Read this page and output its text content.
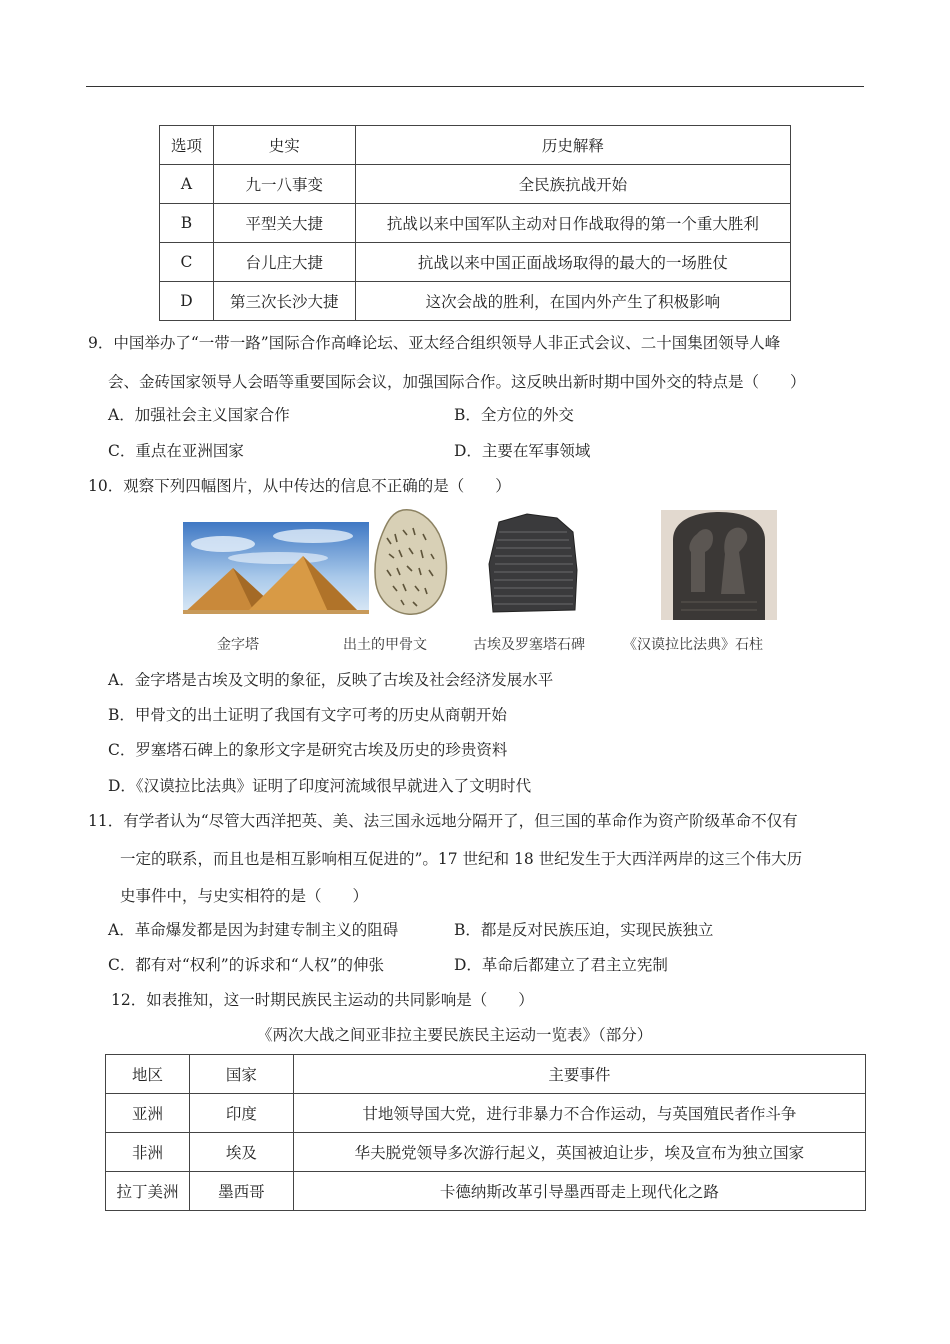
选项	史实	历史解释
A	九一八事变	全民族抗战开始
B	平型关大捷	抗战以来中国军队主动对日作战取得的第一个重大胜利
C	台儿庄大捷	抗战以来中国正面战场取得的最大的一场胜仗
D	第三次长沙大捷	这次会战的胜利，在国内外产生了积极影响
9．中国举办了“一带一路”国际合作高峰论坛、亚太经合组织领导人非正式会议、二十国集团领导人峰
会、金砖国家领导人会晤等重要国际会议，加强国际合作。这反映出新时期中国外交的特点是（　　）
A．加强社会主义国家合作	B．全方位的外交
C．重点在亚洲国家	D．主要在军事领域
10．观察下列四幅图片，从中传达的信息不正确的是（　　）
金字塔	出土的甲骨文	古埃及罗塞塔石碑	《汉谟拉比法典》石柱
A．金字塔是古埃及文明的象征，反映了古埃及社会经济发展水平
B．甲骨文的出土证明了我国有文字可考的历史从商朝开始
C．罗塞塔石碑上的象形文字是研究古埃及历史的珍贵资料
D．《汉谟拉比法典》证明了印度河流域很早就进入了文明时代
11．有学者认为“尽管大西洋把英、美、法三国永远地分隔开了，但三国的革命作为资产阶级革命不仅有
一定的联系，而且也是相互影响相互促进的”。17 世纪和 18 世纪发生于大西洋两岸的这三个伟大历
史事件中，与史实相符的是（　　）
A．革命爆发都是因为封建专制主义的阻碍	B．都是反对民族压迫，实现民族独立
C．都有对“权利”的诉求和“人权”的伸张	D．革命后都建立了君主立宪制
12．如表推知，这一时期民族民主运动的共同影响是（　　）
《两次大战之间亚非拉主要民族民主运动一览表》（部分）
地区	国家	主要事件
亚洲	印度	甘地领导国大党，进行非暴力不合作运动，与英国殖民者作斗争
非洲	埃及	华夫脱党领导多次游行起义，英国被迫让步，埃及宣布为独立国家
拉丁美洲	墨西哥	卡德纳斯改革引导墨西哥走上现代化之路
